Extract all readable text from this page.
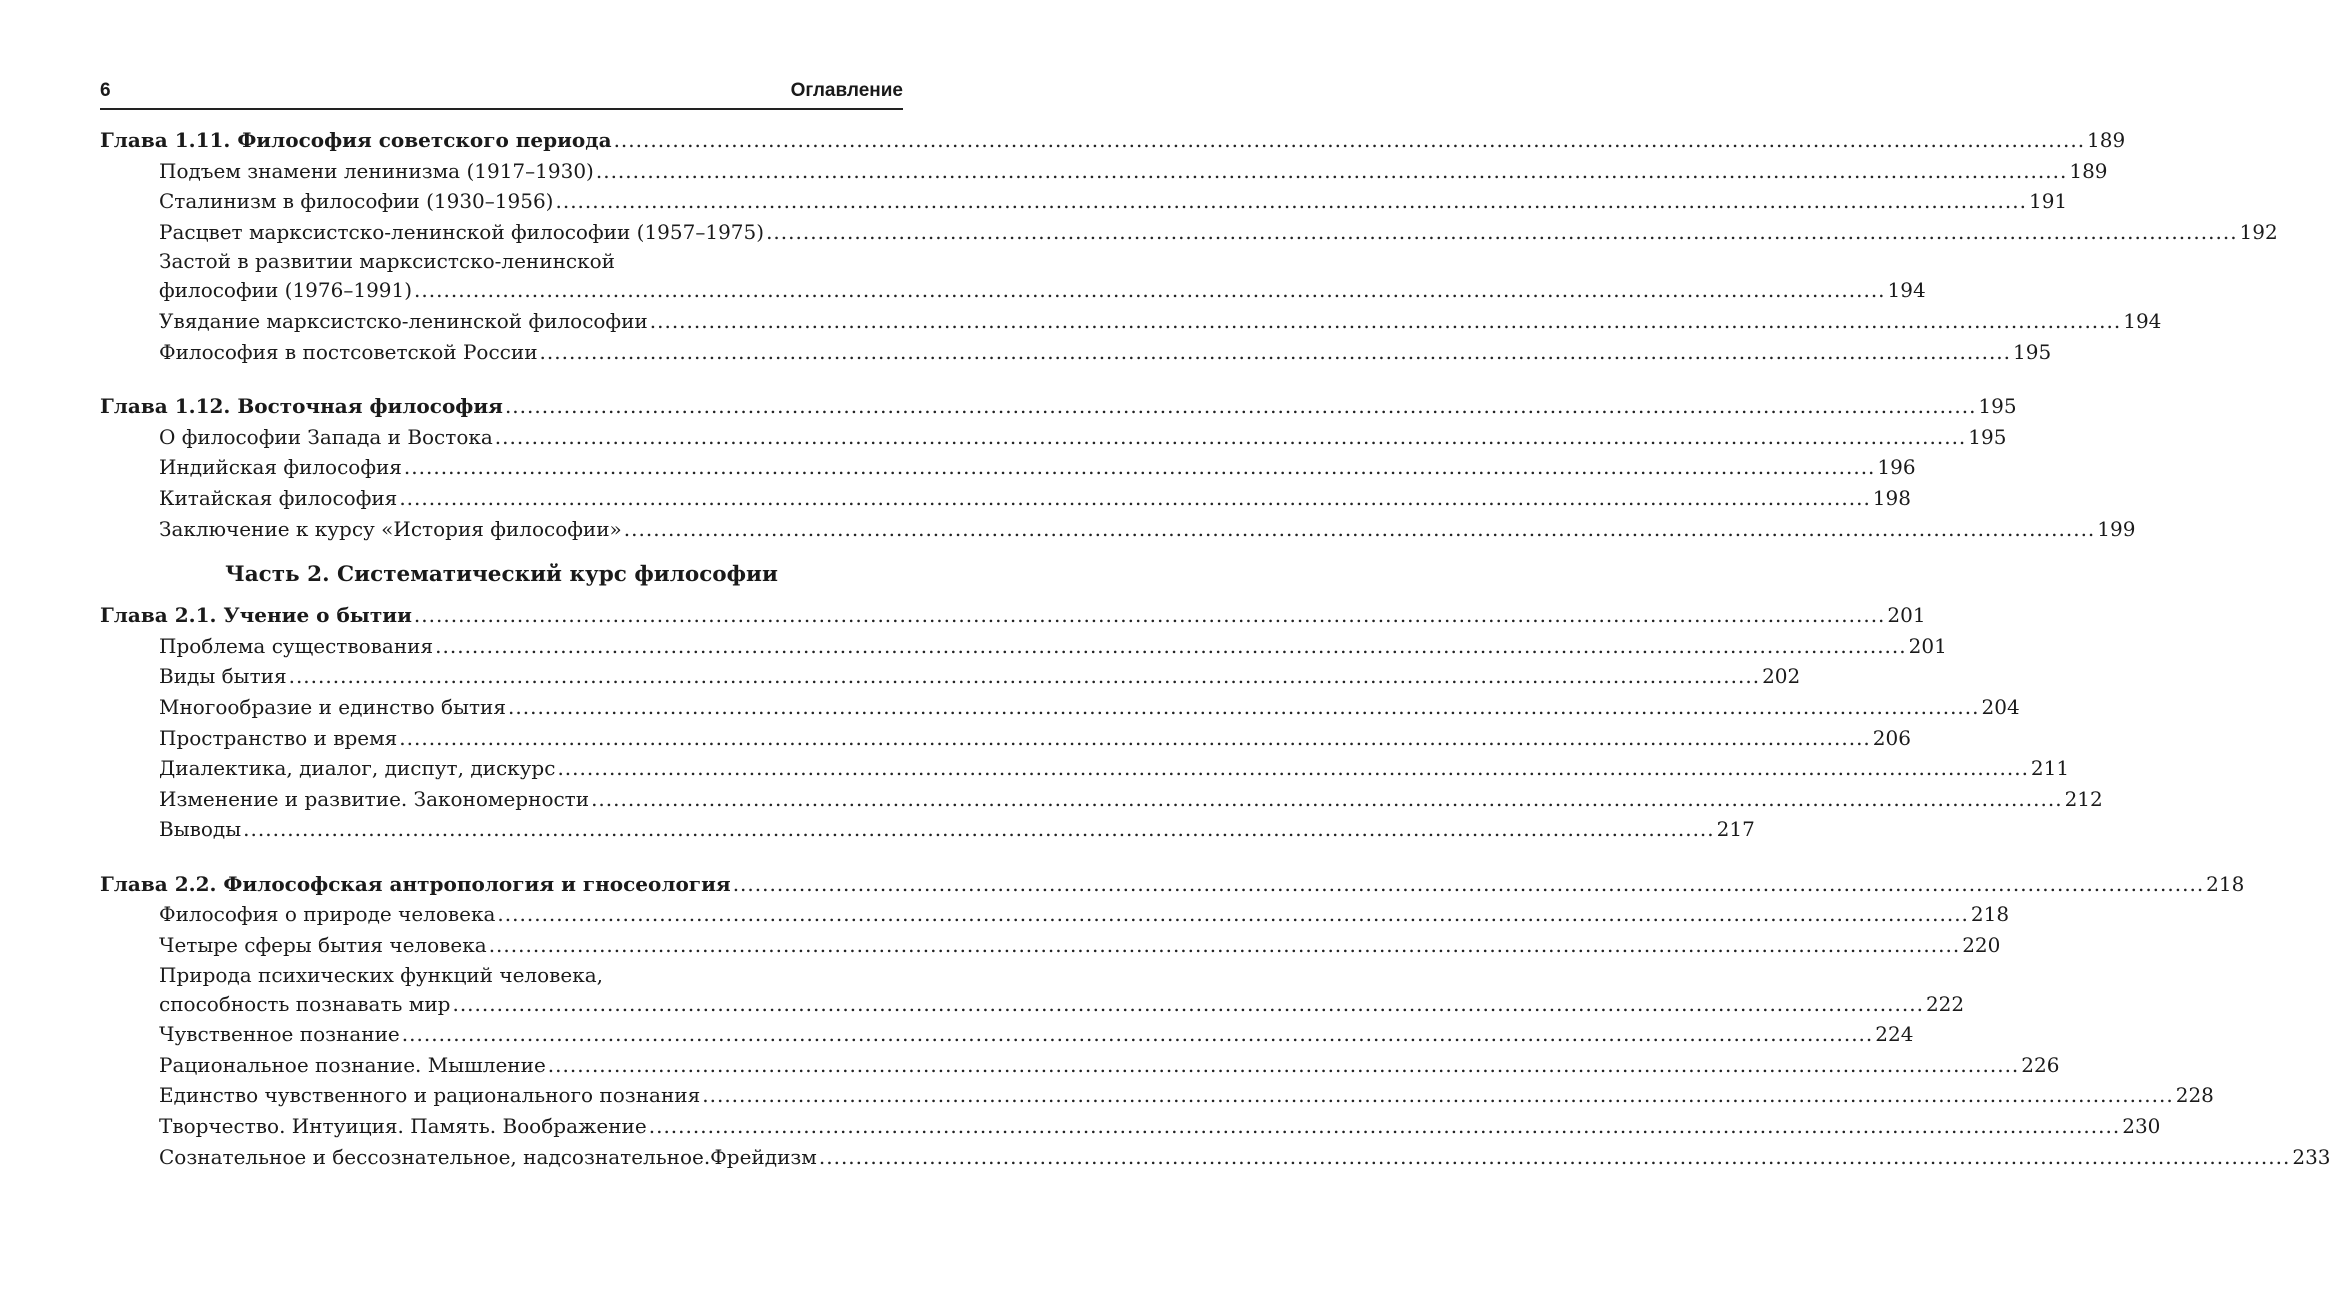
6	Оглавление
Глава 1.11. Философия советского периода ........................................................................................................................................................................................................ 189
Подъем знамени ленинизма (1917–1930) ........................................................................................................................................................................................................ 189
Сталинизм в философии (1930–1956) ........................................................................................................................................................................................................ 191
Расцвет марксистско-ленинской философии (1957–1975) ........................................................................................................................................................................................................ 192
Застой в развитии марксистско-ленинской
философии (1976–1991) ........................................................................................................................................................................................................ 194
Увядание марксистско-ленинской философии ........................................................................................................................................................................................................ 194
Философия в постсоветской России ........................................................................................................................................................................................................ 195
Глава 1.12. Восточная философия ........................................................................................................................................................................................................ 195
О философии Запада и Востока ........................................................................................................................................................................................................ 195
Индийская философия ........................................................................................................................................................................................................ 196
Китайская философия ........................................................................................................................................................................................................ 198
Заключение к курсу «История философии» ........................................................................................................................................................................................................ 199
Часть 2. Систематический курс философии
Глава 2.1. Учение о бытии ........................................................................................................................................................................................................ 201
Проблема существования ........................................................................................................................................................................................................ 201
Виды бытия ........................................................................................................................................................................................................ 202
Многообразие и единство бытия ........................................................................................................................................................................................................ 204
Пространство и время ........................................................................................................................................................................................................ 206
Диалектика, диалог, диспут, дискурс ........................................................................................................................................................................................................ 211
Изменение и развитие. Закономерности ........................................................................................................................................................................................................ 212
Выводы ........................................................................................................................................................................................................ 217
Глава 2.2. Философская антропология и гносеология ........................................................................................................................................................................................................ 218
Философия о природе человека ........................................................................................................................................................................................................ 218
Четыре сферы бытия человека ........................................................................................................................................................................................................ 220
Природа психических функций человека,
способность познавать мир ........................................................................................................................................................................................................ 222
Чувственное познание ........................................................................................................................................................................................................ 224
Рациональное познание. Мышление ........................................................................................................................................................................................................ 226
Единство чувственного и рационального познания ........................................................................................................................................................................................................ 228
Творчество. Интуиция. Память. Воображение ........................................................................................................................................................................................................ 230
Сознательное и бессознательное, надсознательное.Фрейдизм ........................................................................................................................................................................................................ 233
